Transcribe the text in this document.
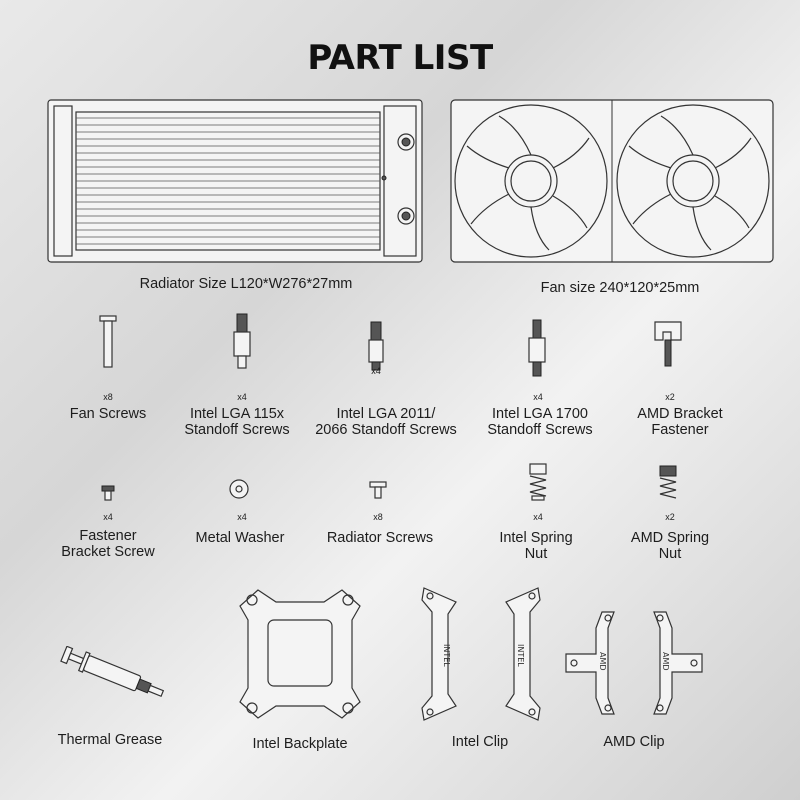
PART LIST
Radiator Size L120*W276*27mm	Fan size 240*120*25mm
x8
Fan Screws
x4
Intel LGA 115x
Standoff Screws
x4
Intel LGA 2011/
2066 Standoff Screws
x4
Intel LGA 1700
Standoff Screws
x2
AMD Bracket
Fastener
x4
Fastener
Bracket Screw
x4
Metal Washer
x8
Radiator Screws
x4
Intel Spring
Nut
x2
AMD Spring
Nut
Thermal Grease	Intel Backplate
INTEL	INTEL
Intel Clip
AMD	AMD
AMD Clip
